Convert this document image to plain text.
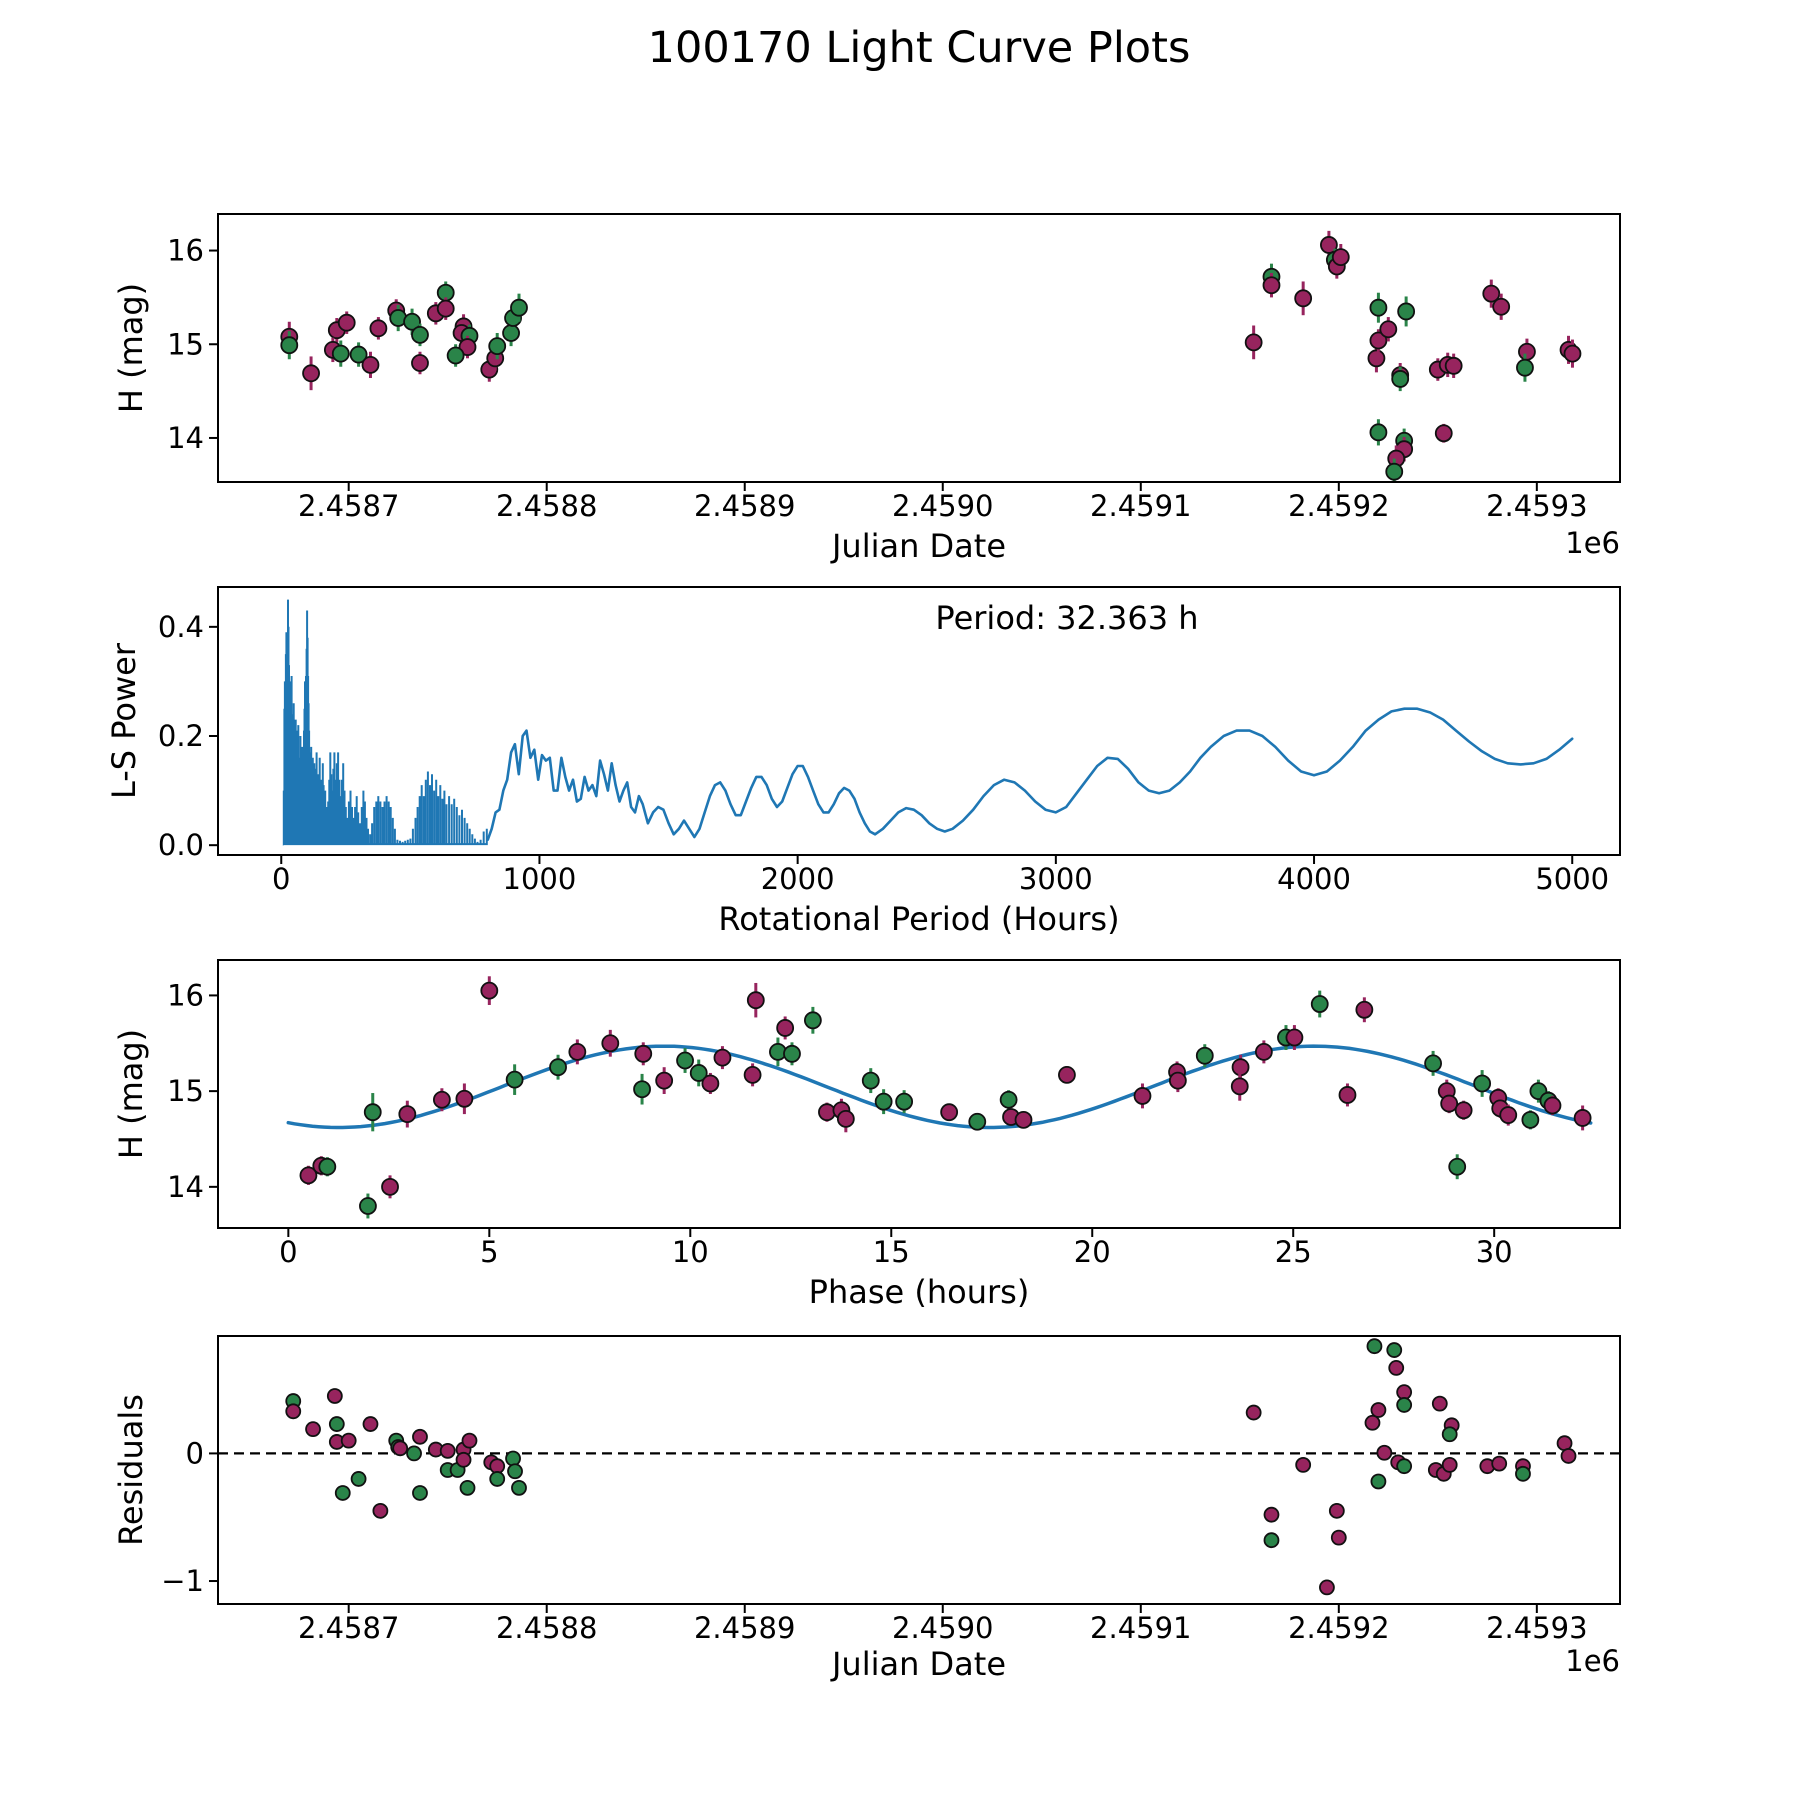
100170 Light Curve Plots
2.4587	2.4588	2.4589	2.4590	2.4591	2.4592	2.4593
14
15
16
0	1000	2000	3000	4000	5000
0.0
0.2
0.4
0	5	10	15	20	25	30
14
15
16
2.4587	2.4588	2.4589	2.4590	2.4591	2.4592	2.4593
0
−1
Julian Date	1e6
H (mag)
Rotational Period (Hours)
L-S Power
Period: 32.363 h
Phase (hours)
H (mag)
Julian Date	1e6
Residuals
